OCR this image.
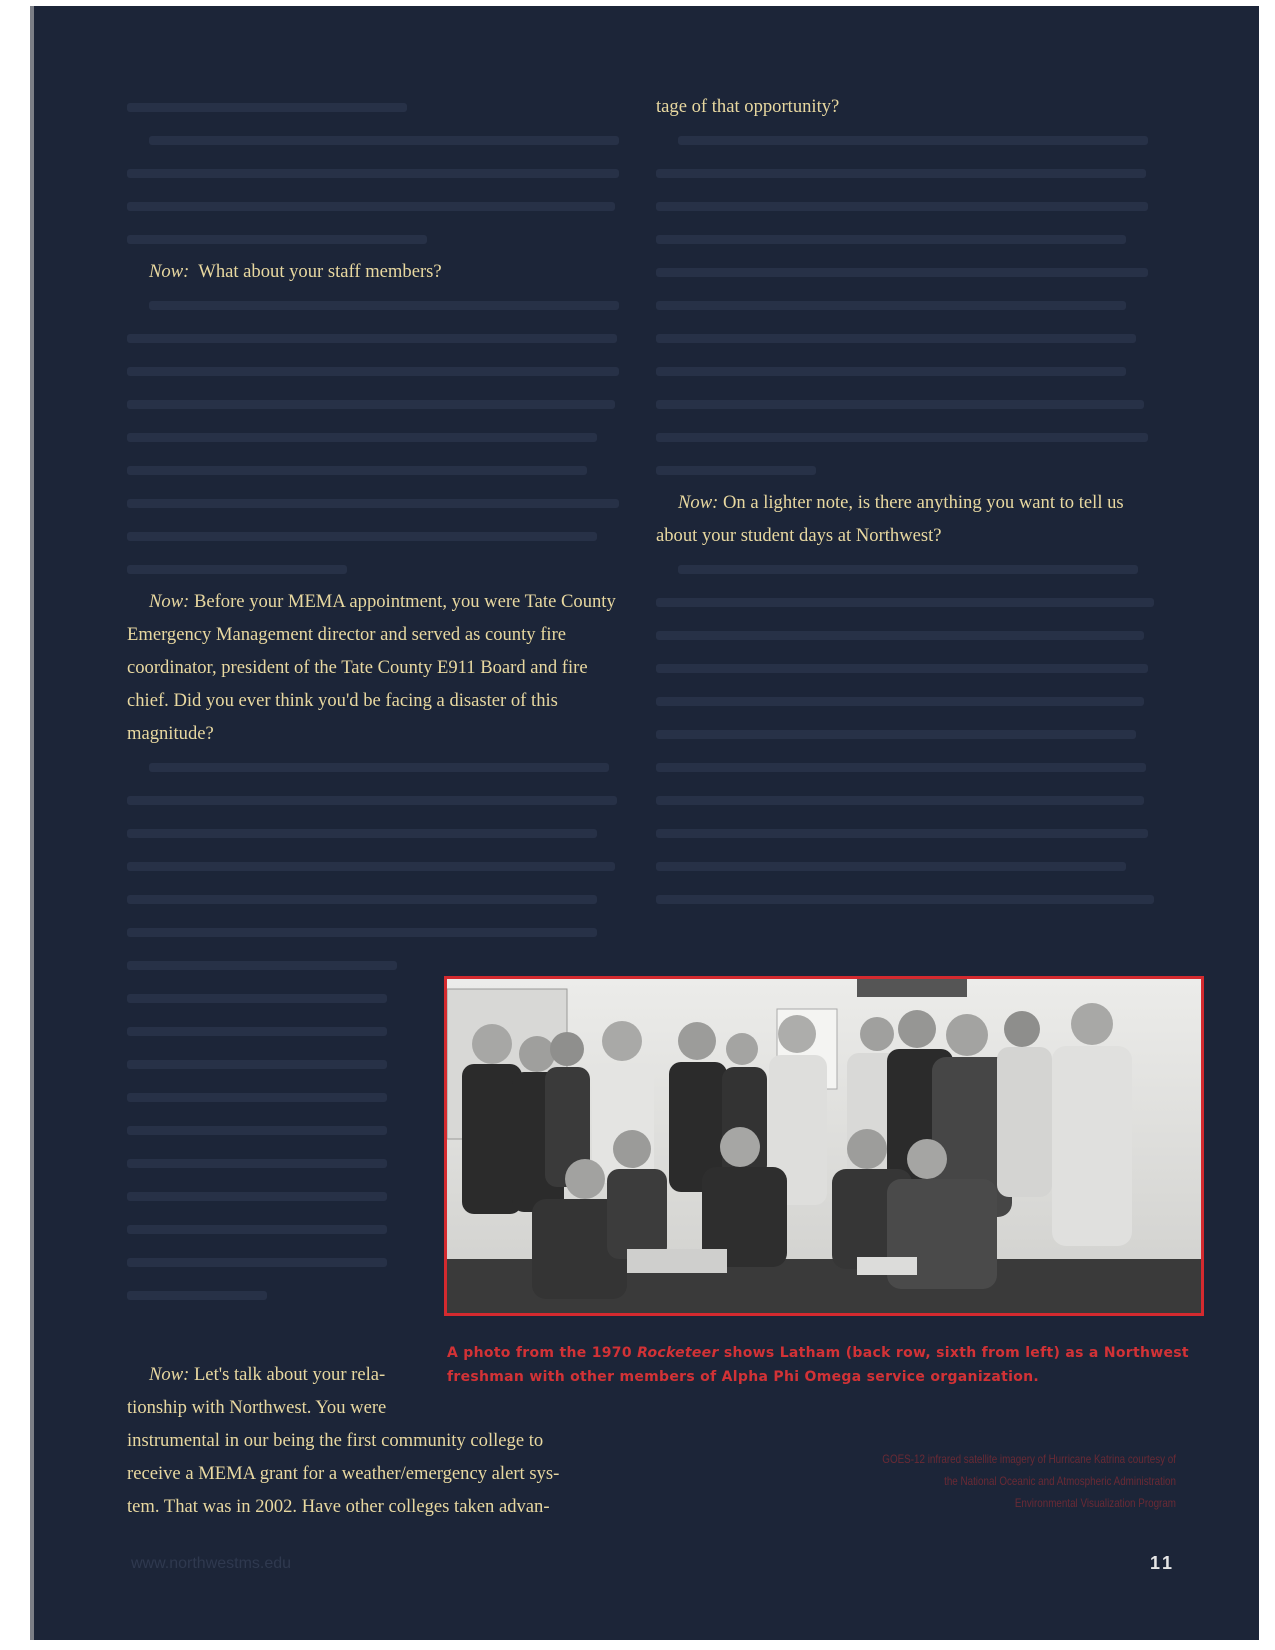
Now: What about your staff members?

Now: Before your MEMA appointment, you were Tate County Emergency Management director and served as county fire coordinator, president of the Tate County E911 Board and fire chief. Did you ever think you'd be facing a disaster of this magnitude?

Now: Let's talk about your rela-

tionship with Northwest. You were

instrumental in our being the first community college to

receive a MEMA grant for a weather/emergency alert sys-

tem. That was in 2002. Have other colleges taken advan-

tage of that opportunity?

Now: On a lighter note, is there anything you want to tell us about your student days at Northwest?

A photo from the 1970 Rocketeer shows Latham (back row, sixth from left) as a Northwest freshman with other members of Alpha Phi Omega service organization.
GOES-12 infrared satellite imagery of Hurricane Katrina courtesy of
the National Oceanic and Atmospheric Administration
Environmental Visualization Program
www.northwestms.edu	11
